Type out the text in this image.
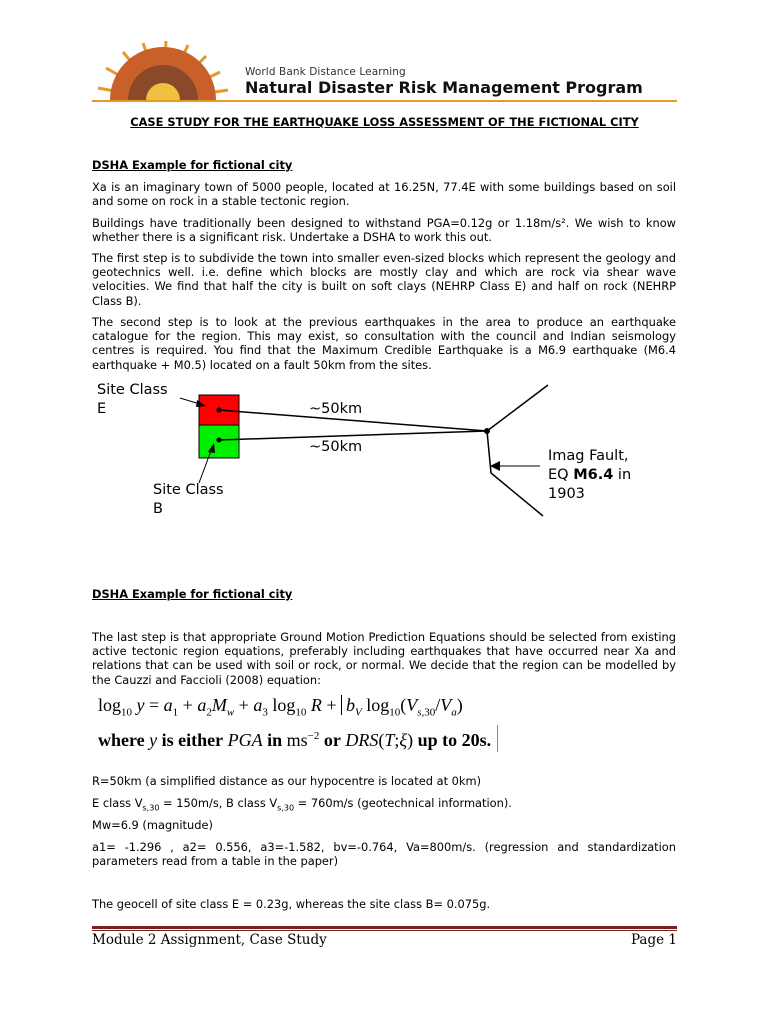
World Bank Distance Learning
Natural Disaster Risk Management Program
CASE STUDY FOR THE EARTHQUAKE LOSS ASSESSMENT OF THE FICTIONAL CITY
DSHA Example for fictional city
Xa is an imaginary town of 5000 people, located at 16.25N, 77.4E with some buildings based on soil and some on rock in a stable tectonic region.
Buildings have traditionally been designed to withstand PGA=0.12g or 1.18m/s². We wish to know whether there is a significant risk. Undertake a DSHA to work this out.
The first step is to subdivide the town into smaller even-sized blocks which represent the geology and geotechnics well. i.e. define which blocks are mostly clay and which are rock via shear wave velocities. We find that half the city is built on soft clays (NEHRP Class E) and half on rock (NEHRP Class B).
The second step is to look at the previous earthquakes in the area to produce an earthquake catalogue for the region. This may exist, so consultation with the council and Indian seismology centres is required. You find that the Maximum Credible Earthquake is a M6.9 earthquake (M6.4 earthquake + M0.5) located on a fault 50km from the sites.
Site Class
E
Site Class
B
~50km
~50km
Imag Fault,
EQ M6.4 in
1903
DSHA Example for fictional city
The last step is that appropriate Ground Motion Prediction Equations should be selected from existing active tectonic region equations, preferably including earthquakes that have occurred near Xa and relations that can be used with soil or rock, or normal. We decide that the region can be modelled by the Cauzzi and Faccioli (2008) equation:
$\log_{10} y = a_1 + a_2M_w + a_3$ $\log_{10} R + b_V$ $\log_{10}(V_{s,30}/V_a)$
where y is either PGA in $ms^{-2}$ or DRS(T;ξ) up to 20s.
R=50km (a simplified distance as our hypocentre is located at 0km)
E class $V_{s,30} = 150m/s$, B class $V_{s,30} = 760m/s$ (geotechnical information).
Mw=6.9 (magnitude)
a1= -1.296 , a2= 0.556, a3=-1.582, bv=-0.764, Va=800m/s. (regression and standardization parameters read from a table in the paper)
The geocell of site class E = 0.23g, whereas the site class B= 0.075g.
Module 2 Assignment, Case Study	Page 1
